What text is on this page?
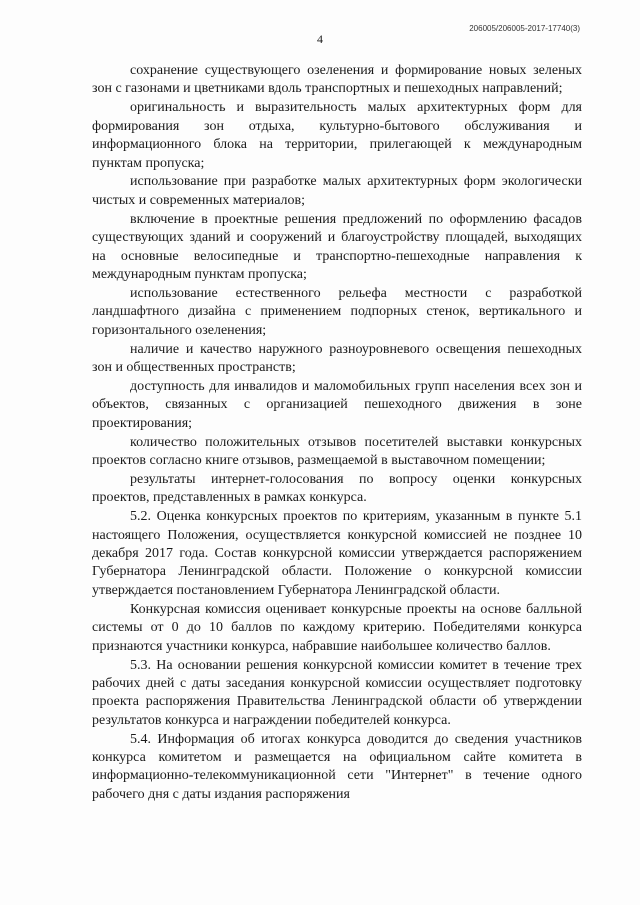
206005/206005-2017-17740(3)
4

сохранение существующего озеленения и формирование новых зеленых зон с газонами и цветниками вдоль транспортных и пешеходных направлений;

оригинальность и выразительность малых архитектурных форм для формирования зон отдыха, культурно-бытового обслуживания и информационного блока на территории, прилегающей к международным пунктам пропуска;

использование при разработке малых архитектурных форм экологически чистых и современных материалов;

включение в проектные решения предложений по оформлению фасадов существующих зданий и сооружений и благоустройству площадей, выходящих на основные велосипедные и транспортно-пешеходные направления к международным пунктам пропуска;

использование естественного рельефа местности с разработкой ландшафтного дизайна с применением подпорных стенок, вертикального и горизонтального озеленения;

наличие и качество наружного разноуровневого освещения пешеходных зон и общественных пространств;

доступность для инвалидов и маломобильных групп населения всех зон и объектов, связанных с организацией пешеходного движения в зоне проектирования;

количество положительных отзывов посетителей выставки конкурсных проектов согласно книге отзывов, размещаемой в выставочном помещении;

результаты интернет-голосования по вопросу оценки конкурсных проектов, представленных в рамках конкурса.

5.2. Оценка конкурсных проектов по критериям, указанным в пункте 5.1 настоящего Положения, осуществляется конкурсной комиссией не позднее 10 декабря 2017 года. Состав конкурсной комиссии утверждается распоряжением Губернатора Ленинградской области. Положение о конкурсной комиссии утверждается постановлением Губернатора Ленинградской области.

Конкурсная комиссия оценивает конкурсные проекты на основе балльной системы от 0 до 10 баллов по каждому критерию. Победителями конкурса признаются участники конкурса, набравшие наибольшее количество баллов.

5.3. На основании решения конкурсной комиссии комитет в течение трех рабочих дней с даты заседания конкурсной комиссии осуществляет подготовку проекта распоряжения Правительства Ленинградской области об утверждении результатов конкурса и награждении победителей конкурса.

5.4. Информация об итогах конкурса доводится до сведения участников конкурса комитетом и размещается на официальном сайте комитета в информационно-телекоммуникационной сети "Интернет" в течение одного рабочего дня с даты издания распоряжения
